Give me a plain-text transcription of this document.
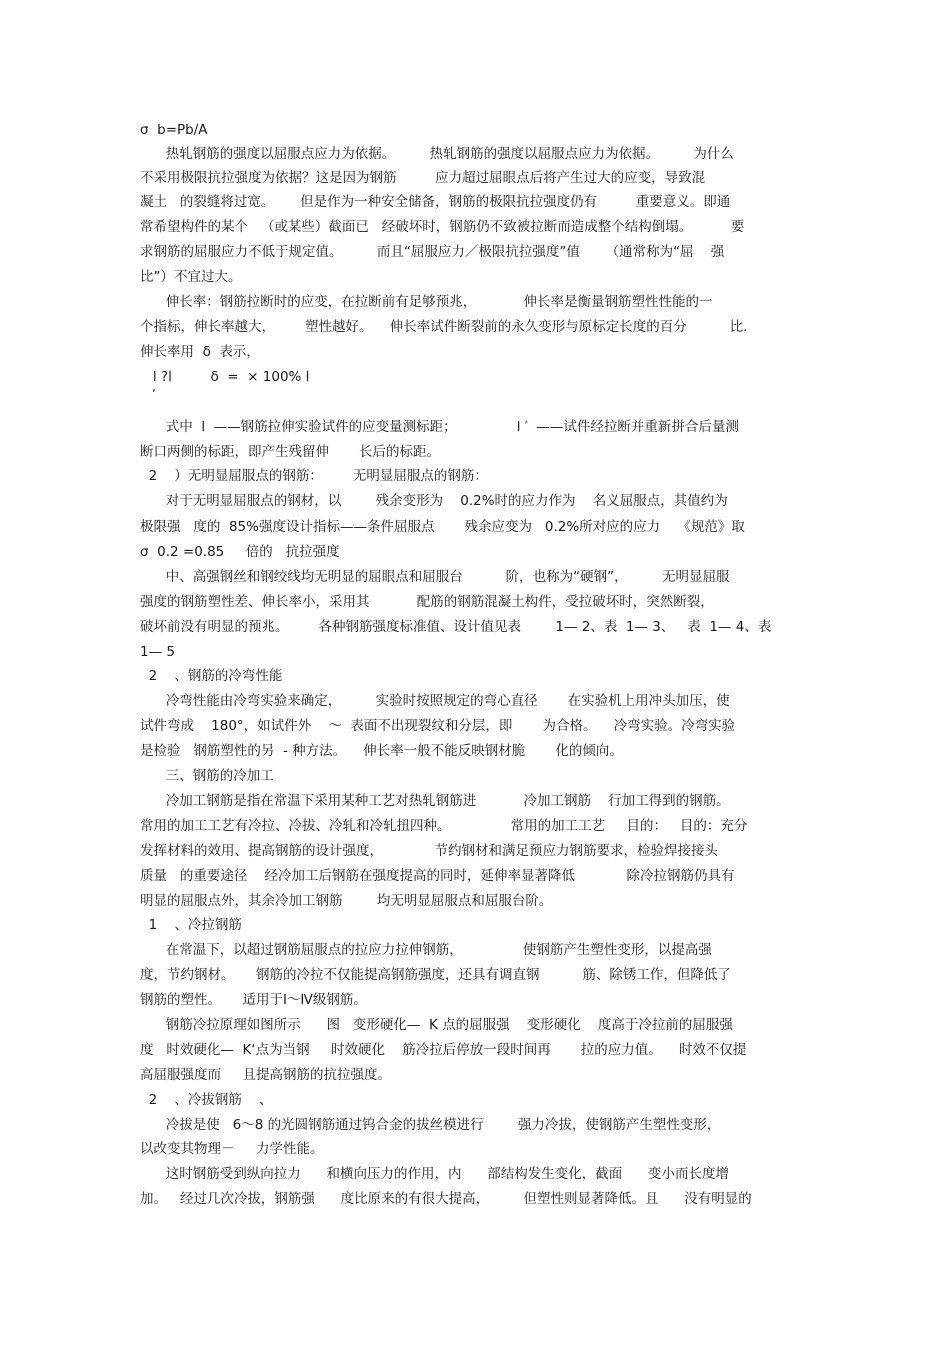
σ  b=Pb/A
热轧钢筋的强度以屈服点应力为依据。        热轧钢筋的强度以屈服点应力为依据。        为什么
不采用极限抗拉强度为依据？这是因为钢筋         应力超过屈眼点后将产生过大的应变，导致混
凝土   的裂缝将过宽。      但是作为一种安全储备，钢筋的极限抗拉强度仍有         重要意义。即通
常希望构件的某个   （或某些）截面已   经破坏时，钢筋仍不致被拉断而造成整个结构倒塌。         要
求钢筋的屈服应力不低于规定值。        而且“屈服应力／极限抗拉强度”值      （通常称为“屈    强
比”）不宜过大。
伸长率：钢筋拉断时的应变，在拉断前有足够预兆，           伸长率是衡量钢筋塑性性能的一
个指标，伸长率越大，       塑性越好。    伸长率试件断裂前的永久变形与原标定长度的百分          比．
伸长率用  δ  表示，
l ?l         δ  =  × 100% l
ʼ
式中  l  ——钢筋拉伸实验试件的应变量测标距；              l ′  ——试件经拉断并重新拼合后量测
断口两侧的标距，即产生残留伸       长后的标距。
2    ）无明显屈服点的钢筋：       无明显屈服点的钢筋：
对于无明显屈服点的钢材，以        残余变形为    0.2%时的应力作为    名义屈服点，其值约为
极限强   度的  85%强度设计指标——条件屈服点       残余应变为   0.2%所对应的应力    《规范》取
σ  0.2 =0.85     倍的   抗拉强度
中、高强钢丝和钢绞线均无明显的屈眼点和屈服台          阶，也称为“硬钢”，        无明显屈服
强度的钢筋塑性差、伸长率小，采用其           配筋的钢筋混凝土构件，受拉破坏时，突然断裂，
破坏前没有明显的预兆。       各种钢筋强度标准值、设计值见表        1— 2、表  1— 3、   表  1— 4、表
1— 5
2    、钢筋的冷弯性能
冷弯性能由冷弯实验来确定，        实验时按照规定的弯心直径       在实验机上用冲头加压，使
试件弯成    180°，如试件外    ～  表面不出现裂纹和分层，即       为合格。    冷弯实验。冷弯实验
是检验   钢筋塑性的另  - 种方法。    伸长率一般不能反映钢材脆       化的倾向。
三、钢筋的冷加工
冷加工钢筋是指在常温下采用某种工艺对热轧钢筋进           冷加工钢筋    行加工得到的钢筋。
常用的加工工艺有冷拉、冷拔、冷轧和冷轧扭四种。              常用的加工工艺     目的：   目的：充分
发挥材料的效用、提高钢筋的设计强度，            节约钢材和满足预应力钢筋要求，检验焊接接头
质量   的重要途径    经冷加工后钢筋在强度提高的同时，延伸率显著降低            除冷拉钢筋仍具有
明显的屈服点外，其余冷加工钢筋        均无明显屈服点和屈服台阶。
1    、冷拉钢筋
在常温下，以超过钢筋屈服点的拉应力拉伸钢筋，              使钢筋产生塑性变形，以提高强
度，节约钢材。     钢筋的冷拉不仅能提高钢筋强度，还具有调直钢          筋、除锈工作，但降低了
钢筋的塑性。     适用于Ⅰ～Ⅳ级钢筋。
钢筋冷拉原理如图所示      图   变形硬化—  K 点的屈服强    变形硬化    度高于冷拉前的屈服强
度   时效硬化—  K‘点为当钢     时效硬化    筋冷拉后停放一段时间再       拉的应力值。    时效不仅提
高屈服强度而     且提高钢筋的抗拉强度。
2    、冷拔钢筋    、
冷拔是使   6～8 的光圆钢筋通过钨合金的拔丝模进行        强力冷拔，使钢筋产生塑性变形，
以改变其物理－     力学性能。
这时钢筋受到纵向拉力      和横向压力的作用，内      部结构发生变化，截面      变小而长度增
加。   经过几次冷拔，钢筋强      度比原来的有很大提高，        但塑性则显著降低。且      没有明显的
